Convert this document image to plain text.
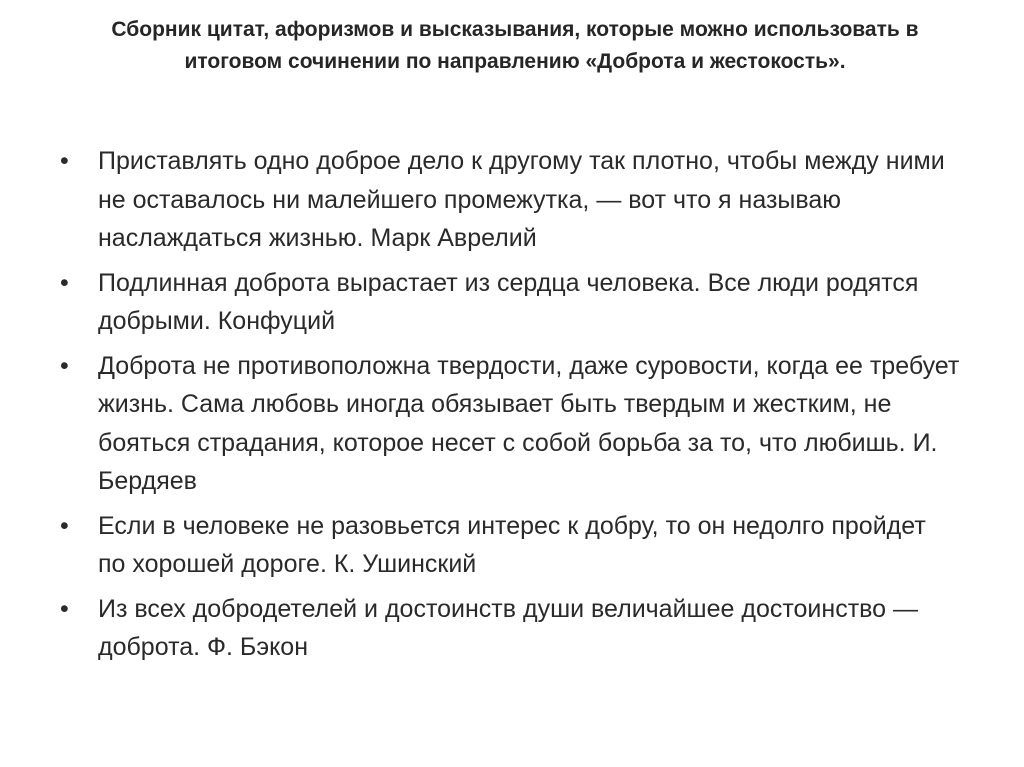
Сборник цитат, афоризмов и высказывания, которые можно использовать в итоговом сочинении по направлению «Доброта и жестокость».
•	Приставлять одно доброе дело к другому так плотно, чтобы между ними не оставалось ни малейшего промежутка, — вот что я называю наслаждаться жизнью. Марк Аврелий
•	Подлинная доброта вырастает из сердца человека. Все люди родятся добрыми. Конфуций
•	Доброта не противоположна твердости, даже суровости, когда ее требует жизнь. Сама любовь иногда обязывает быть твердым и жестким, не бояться страдания, которое несет с собой борьба за то, что любишь. И. Бердяев
•	Если в человеке не разовьется интерес к добру, то он недолго пройдет по хорошей дороге. К. Ушинский
•	Из всех добродетелей и достоинств души величайшее достоинство — доброта. Ф. Бэкон
